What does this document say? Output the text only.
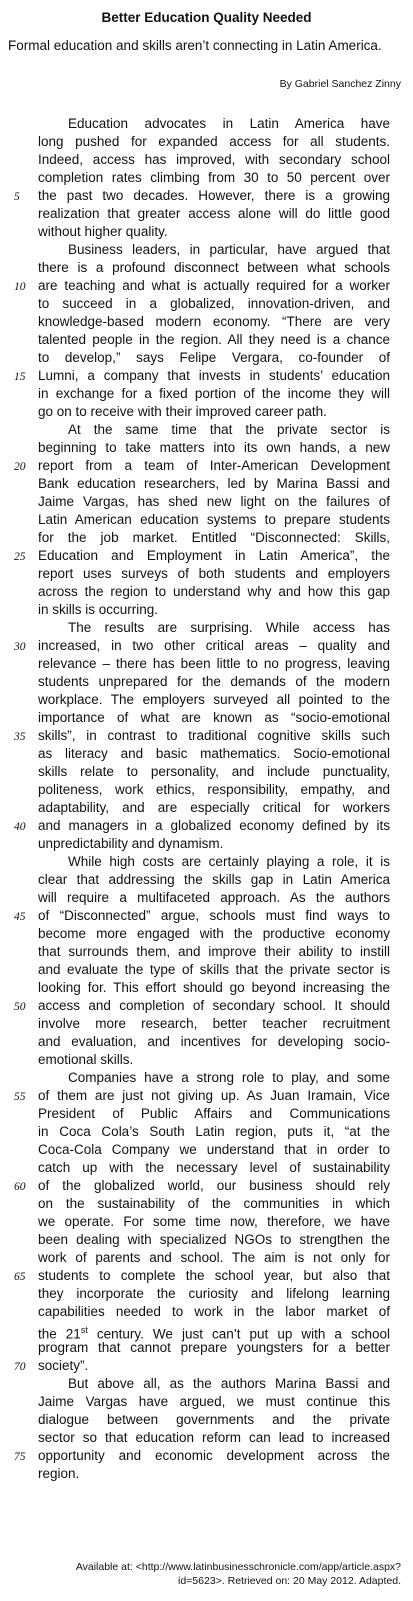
Better Education Quality Needed
Formal education and skills aren’t connecting in Latin America.
By Gabriel Sanchez Zinny
Education advocates in Latin America have
long pushed for expanded access for all students.
Indeed, access has improved, with secondary school
completion rates climbing from 30 to 50 percent over
the past two decades. However, there is a growing
realization that greater access alone will do little good
without higher quality.
Business leaders, in particular, have argued that
there is a profound disconnect between what schools
are teaching and what is actually required for a worker
to succeed in a globalized, innovation-driven, and
knowledge-based modern economy. “There are very
talented people in the region. All they need is a chance
to develop,” says Felipe Vergara, co-founder of
Lumni, a company that invests in students’ education
in exchange for a fixed portion of the income they will
go on to receive with their improved career path.
At the same time that the private sector is
beginning to take matters into its own hands, a new
report from a team of Inter-American Development
Bank education researchers, led by Marina Bassi and
Jaime Vargas, has shed new light on the failures of
Latin American education systems to prepare students
for the job market. Entitled “Disconnected: Skills,
Education and Employment in Latin America”, the
report uses surveys of both students and employers
across the region to understand why and how this gap
in skills is occurring.
The results are surprising. While access has
increased, in two other critical areas – quality and
relevance – there has been little to no progress, leaving
students unprepared for the demands of the modern
workplace. The employers surveyed all pointed to the
importance of what are known as “socio-emotional
skills”, in contrast to traditional cognitive skills such
as literacy and basic mathematics. Socio-emotional
skills relate to personality, and include punctuality,
politeness, work ethics, responsibility, empathy, and
adaptability, and are especially critical for workers
and managers in a globalized economy defined by its
unpredictability and dynamism.
While high costs are certainly playing a role, it is
clear that addressing the skills gap in Latin America
will require a multifaceted approach. As the authors
of “Disconnected” argue, schools must find ways to
become more engaged with the productive economy
that surrounds them, and improve their ability to instill
and evaluate the type of skills that the private sector is
looking for. This effort should go beyond increasing the
access and completion of secondary school. It should
involve more research, better teacher recruitment
and evaluation, and incentives for developing socio-
emotional skills.
Companies have a strong role to play, and some
of them are just not giving up. As Juan Iramain, Vice
President of Public Affairs and Communications
in Coca Cola’s South Latin region, puts it, “at the
Coca-Cola Company we understand that in order to
catch up with the necessary level of sustainability
of the globalized world, our business should rely
on the sustainability of the communities in which
we operate. For some time now, therefore, we have
been dealing with specialized NGOs to strengthen the
work of parents and school. The aim is not only for
students to complete the school year, but also that
they incorporate the curiosity and lifelong learning
capabilities needed to work in the labor market of
the 21st century. We just can’t put up with a school
program that cannot prepare youngsters for a better
society”.
But above all, as the authors Marina Bassi and
Jaime Vargas have argued, we must continue this
dialogue between governments and the private
sector so that education reform can lead to increased
opportunity and economic development across the
region.
5
10
15
20
25
30
35
40
45
50
55
60
65
70
75
Available at: <http://www.latinbusinesschronicle.com/app/article.aspx?id=5623>. Retrieved on: 20 May 2012. Adapted.
